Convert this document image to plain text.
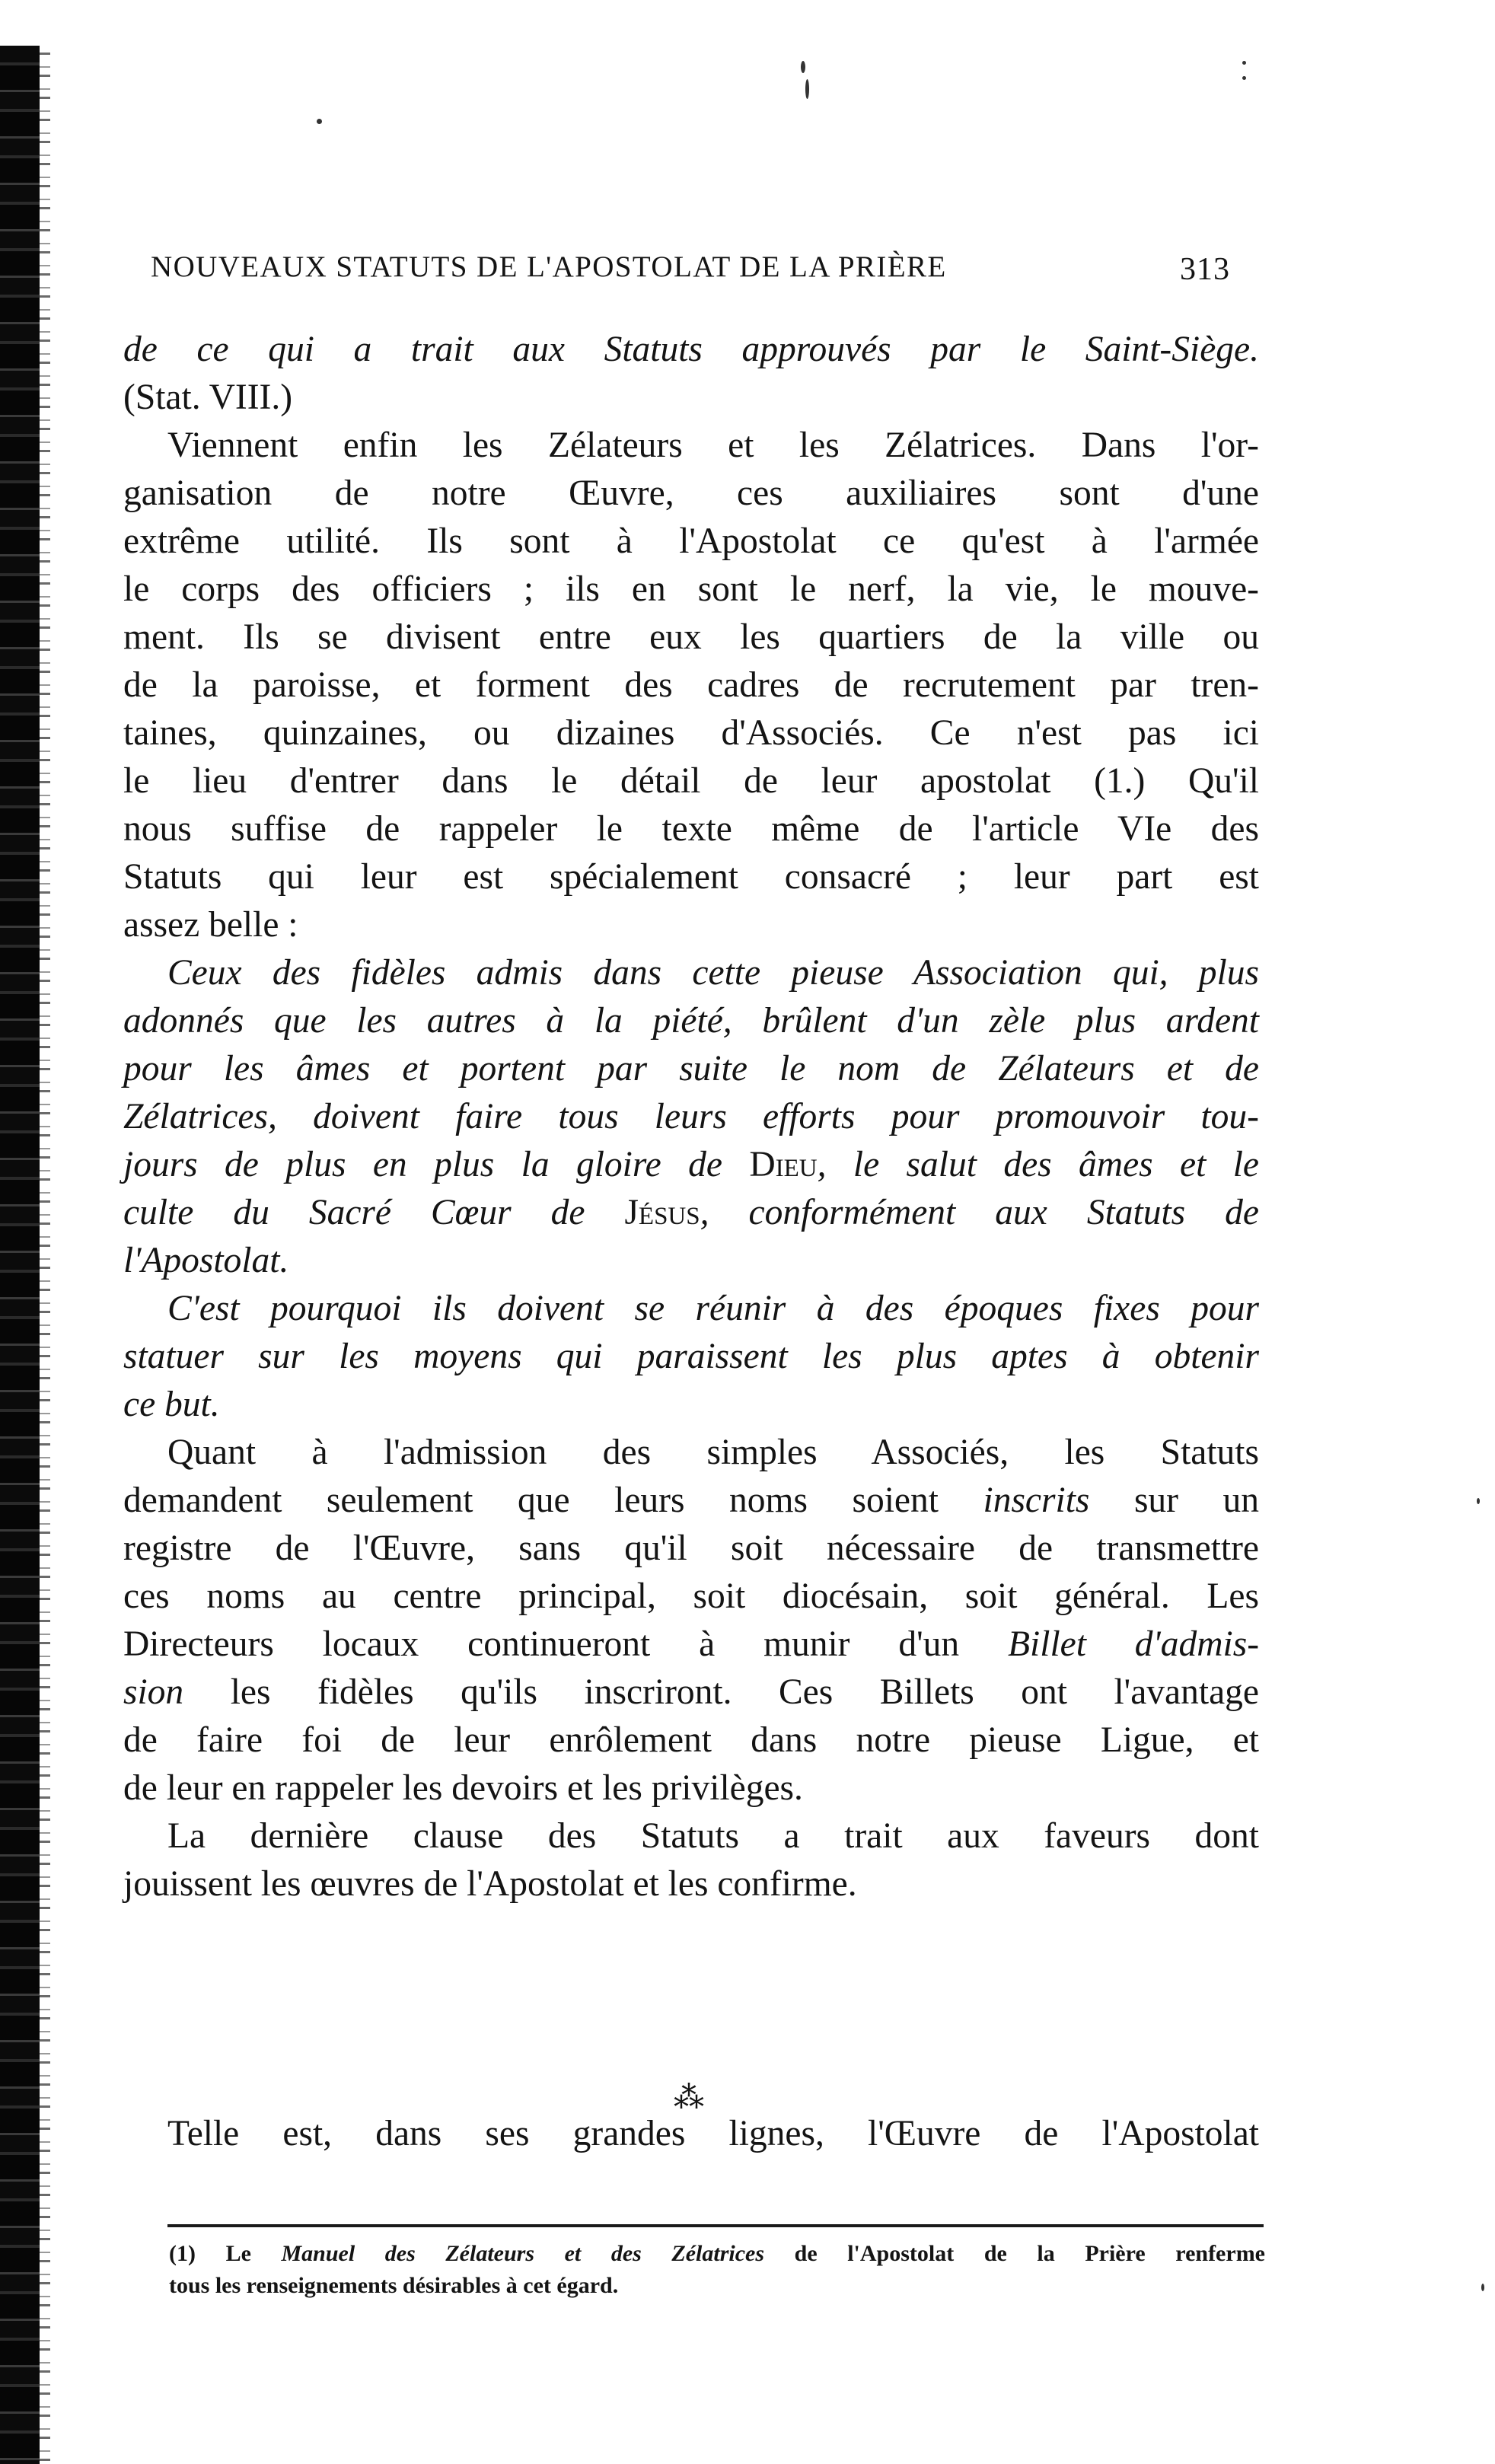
NOUVEAUX STATUTS DE L'APOSTOLAT DE LA PRIÈRE	313
de ce qui a trait aux Statuts approuvés par le Saint-Siège.
(Stat. VIII.)
Viennent enfin les Zélateurs et les Zélatrices. Dans l'or-
ganisation de notre Œuvre, ces auxiliaires sont d'une
extrême utilité. Ils sont à l'Apostolat ce qu'est à l'armée
le corps des officiers ; ils en sont le nerf, la vie, le mouve-
ment. Ils se divisent entre eux les quartiers de la ville ou
de la paroisse, et forment des cadres de recrutement par tren-
taines, quinzaines, ou dizaines d'Associés. Ce n'est pas ici
le lieu d'entrer dans le détail de leur apostolat (1.) Qu'il
nous suffise de rappeler le texte même de l'article VIe des
Statuts qui leur est spécialement consacré ; leur part est
assez belle :
Ceux des fidèles admis dans cette pieuse Association qui, plus
adonnés que les autres à la piété, brûlent d'un zèle plus ardent
pour les âmes et portent par suite le nom de Zélateurs et de
Zélatrices, doivent faire tous leurs efforts pour promouvoir tou-
jours de plus en plus la gloire de Dieu, le salut des âmes et le
culte du Sacré Cœur de Jésus, conformément aux Statuts de
l'Apostolat.
C'est pourquoi ils doivent se réunir à des époques fixes pour
statuer sur les moyens qui paraissent les plus aptes à obtenir
ce but.
Quant à l'admission des simples Associés, les Statuts
demandent seulement que leurs noms soient inscrits sur un
registre de l'Œuvre, sans qu'il soit nécessaire de transmettre
ces noms au centre principal, soit diocésain, soit général. Les
Directeurs locaux continueront à munir d'un Billet d'admis-
sion les fidèles qu'ils inscriront. Ces Billets ont l'avantage
de faire foi de leur enrôlement dans notre pieuse Ligue, et
de leur en rappeler les devoirs et les privilèges.
La dernière clause des Statuts a trait aux faveurs dont
jouissent les œuvres de l'Apostolat et les confirme.
⁂
Telle est, dans ses grandes lignes, l'Œuvre de l'Apostolat
(1) Le Manuel des Zélateurs et des Zélatrices de l'Apostolat de la Prière renferme
tous les renseignements désirables à cet égard.
